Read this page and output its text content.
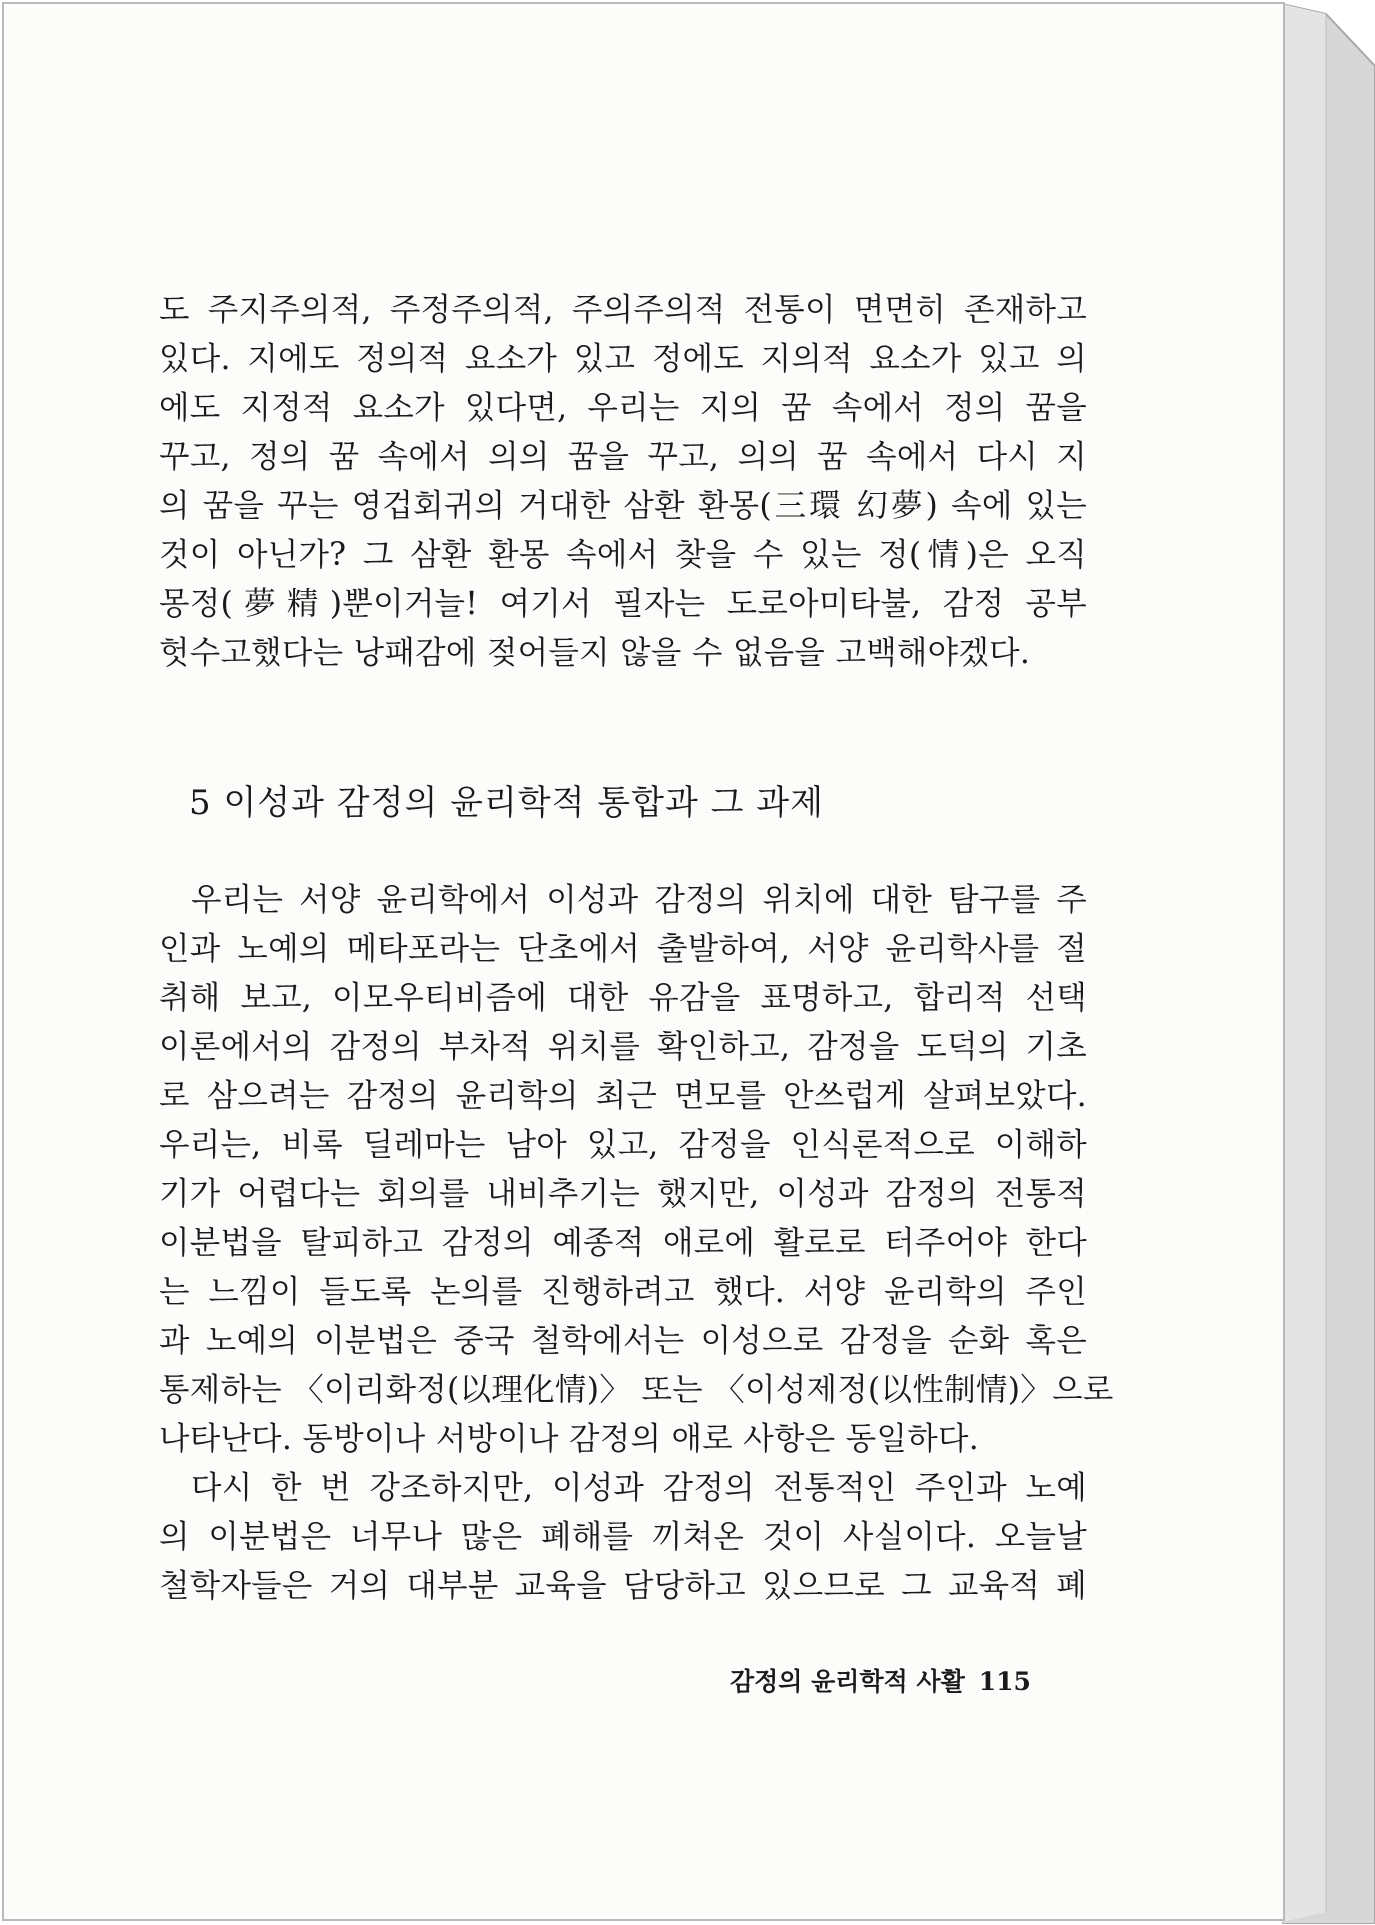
도 주지주의적, 주정주의적, 주의주의적 전통이 면면히 존재하고
있다. 지에도 정의적 요소가 있고 정에도 지의적 요소가 있고 의
에도 지정적 요소가 있다면, 우리는 지의 꿈 속에서 정의 꿈을
꾸고, 정의 꿈 속에서 의의 꿈을 꾸고, 의의 꿈 속에서 다시 지
의 꿈을 꾸는 영겁회귀의 거대한 삼환 환몽(三環 幻夢) 속에 있는
것이 아닌가? 그 삼환 환몽 속에서 찾을 수 있는 정(情)은 오직
몽정(夢精)뿐이거늘! 여기서 필자는 도로아미타불, 감정 공부
헛수고했다는 낭패감에 젖어들지 않을 수 없음을 고백해야겠다.
5 이성과 감정의 윤리학적 통합과 그 과제
우리는 서양 윤리학에서 이성과 감정의 위치에 대한 탐구를 주
인과 노예의 메타포라는 단초에서 출발하여, 서양 윤리학사를 절
취해 보고, 이모우티비즘에 대한 유감을 표명하고, 합리적 선택
이론에서의 감정의 부차적 위치를 확인하고, 감정을 도덕의 기초
로 삼으려는 감정의 윤리학의 최근 면모를 안쓰럽게 살펴보았다.
우리는, 비록 딜레마는 남아 있고, 감정을 인식론적으로 이해하
기가 어렵다는 회의를 내비추기는 했지만, 이성과 감정의 전통적
이분법을 탈피하고 감정의 예종적 애로에 활로로 터주어야 한다
는 느낌이 들도록 논의를 진행하려고 했다. 서양 윤리학의 주인
과 노예의 이분법은 중국 철학에서는 이성으로 감정을 순화 혹은
통제하는 〈이리화정(以理化情)〉 또는 〈이성제정(以性制情)〉으로
나타난다. 동방이나 서방이나 감정의 애로 사항은 동일하다.
다시 한 번 강조하지만, 이성과 감정의 전통적인 주인과 노예
의 이분법은 너무나 많은 폐해를 끼쳐온 것이 사실이다. 오늘날
철학자들은 거의 대부분 교육을 담당하고 있으므로 그 교육적 폐
감정의 윤리학적 사활 115
